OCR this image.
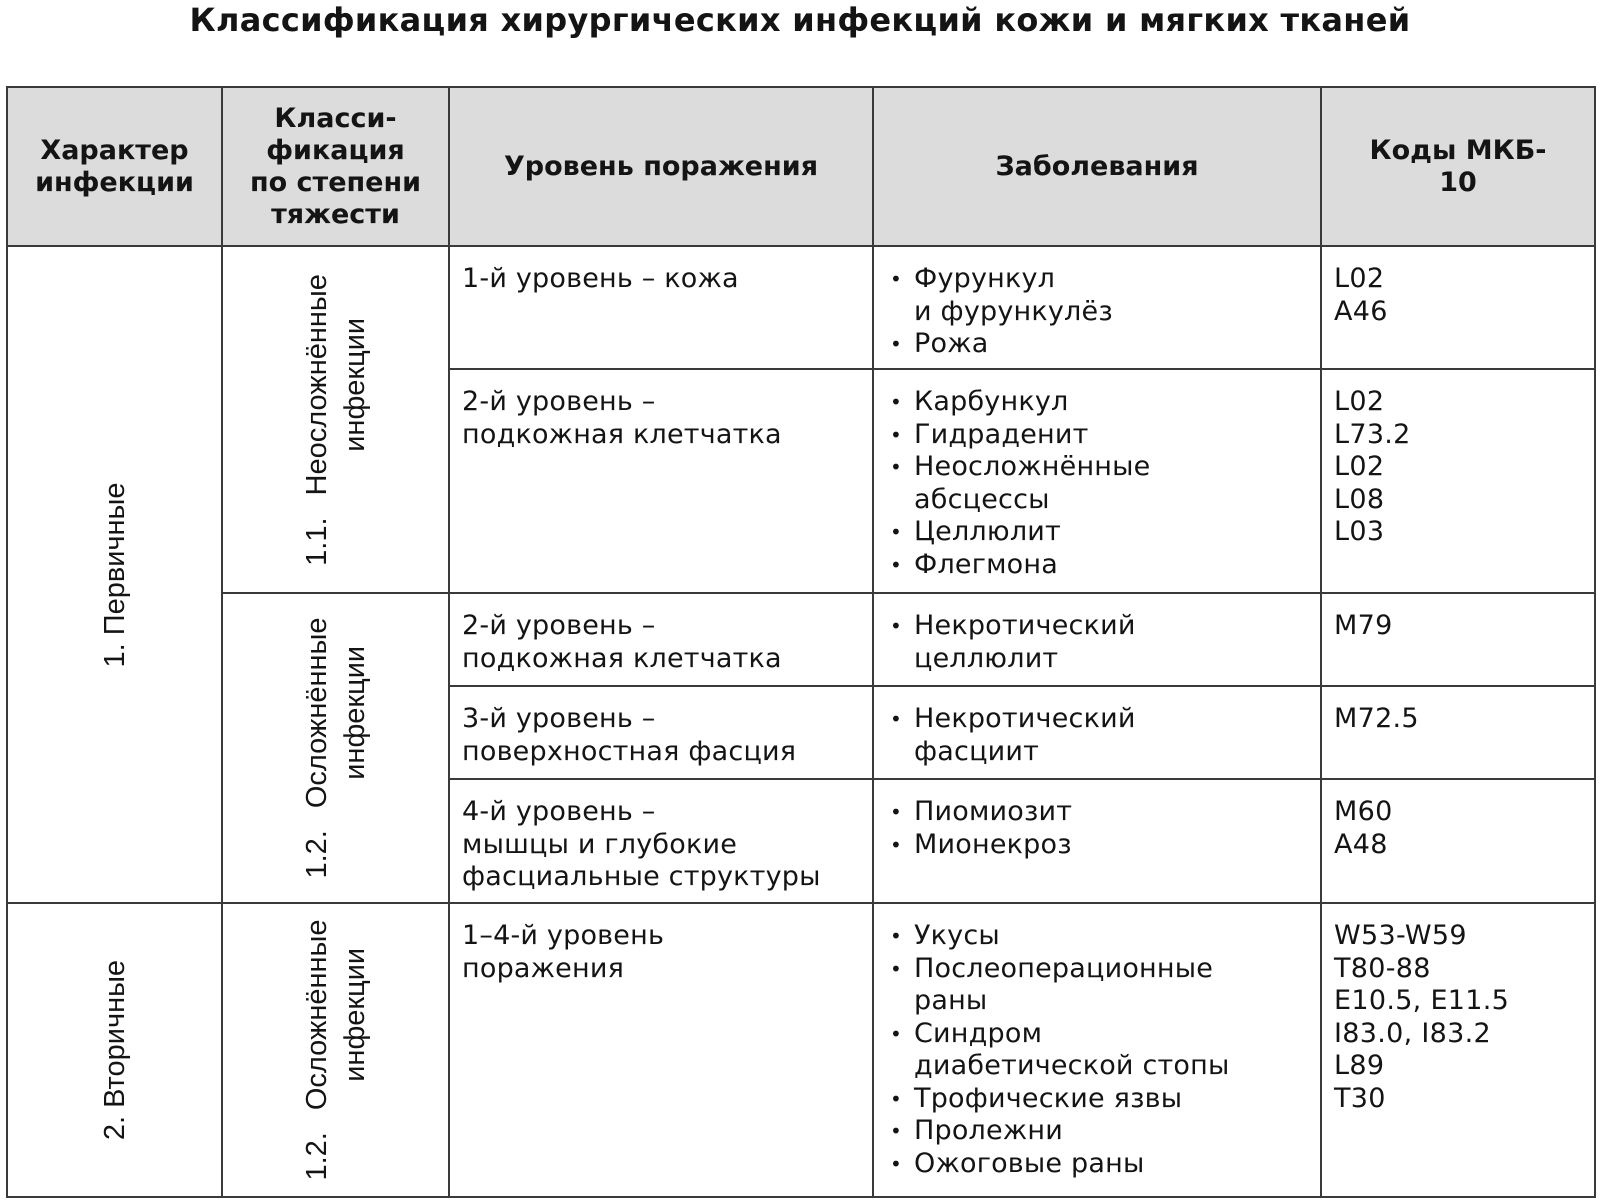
Классификация хирургических инфекций кожи и мягких тканей
Характер
инфекции
Класси-
фикация
по степени
тяжести
Уровень поражения	Заболевания
Коды МКБ-
10
1. Первичные
2. Вторичные
1.1.
Неосложнённые
инфекции
1.2.
Осложнённые
инфекции
1.2.
Осложнённые
инфекции
1-й уровень – кожа
•	Фурункул
и фурункулёз
• Рожа
L02

A46
2-й уровень –
подкожная клетчатка
• Карбункул
• Гидраденит
• Неосложнённые
абсцессы
• Целлюлит
• Флегмона
L02
L73.2
L02

L08
L03
2-й уровень –
подкожная клетчатка
• Некротический
целлюлит
M79
3-й уровень –
поверхностная фасция
• Некротический
фасциит
M72.5
4-й уровень –
мышцы и глубокие
фасциальные структуры
• Пиомиозит
• Мионекроз
M60
A48
1–4-й уровень
поражения
• Укусы
• Послеоперационные
раны
• Синдром
диабетической стопы
• Трофические язвы
• Пролежни
• Ожоговые раны
W53-W59
T80-88

E10.5, E11.5

I83.0, I83.2
L89
T30
